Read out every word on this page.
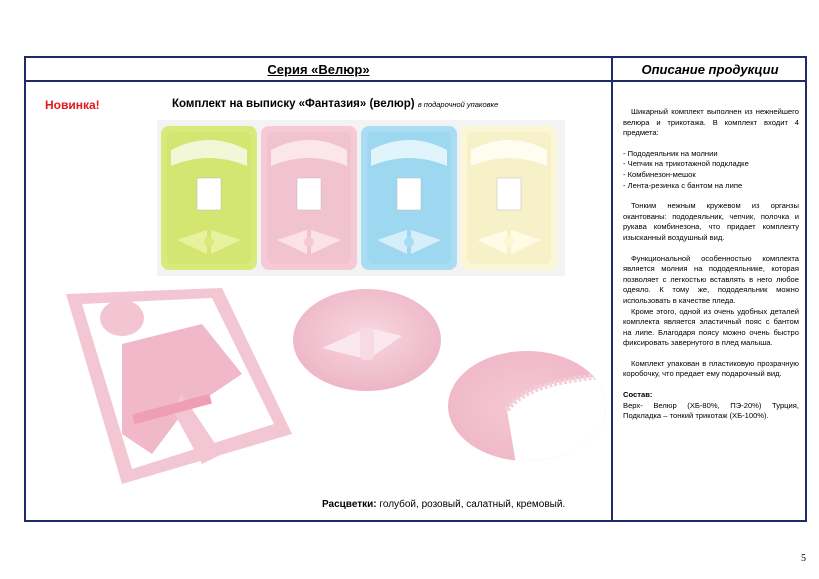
Серия «Велюр»	Описание продукции
Новинка!	Комплект на выписку «Фантазия» (велюр) в подарочной упаковке
Расцветки: голубой, розовый, салатный, кремовый.

Шикарный комплект выполнен из нежнейшего велюра и трикотажа. В комплект входит 4 предмета:

- Пододеяльник на молнии
- Чепчик на трикотажной подкладке
- Комбинезон-мешок
- Лента-резинка с бантом на липе

Тонким нежным кружевом из органзы окантованы: пододеяльник, чепчик, полочка и рукава комбинезона, что придает комплекту изысканный воздушный вид.

Функциональной особенностью комплекта является молния на пододеяльнике, которая позволяет с легкостью вставлять в него любое одеяло. К тому же, пододеяльник можно использовать в качестве пледа.

Кроме этого, одной из очень удобных деталей комплекта является эластичный пояс с бантом на липе. Благодаря поясу можно очень быстро фиксировать завернутого в плед малыша.

Комплект упакован в пластиковую прозрачную коробочку, что предает ему подарочный вид.

Состав:

Верх- Велюр (ХБ-80%, ПЭ-20%) Турция, Подкладка – тонкий трикотаж (ХБ-100%).

5
